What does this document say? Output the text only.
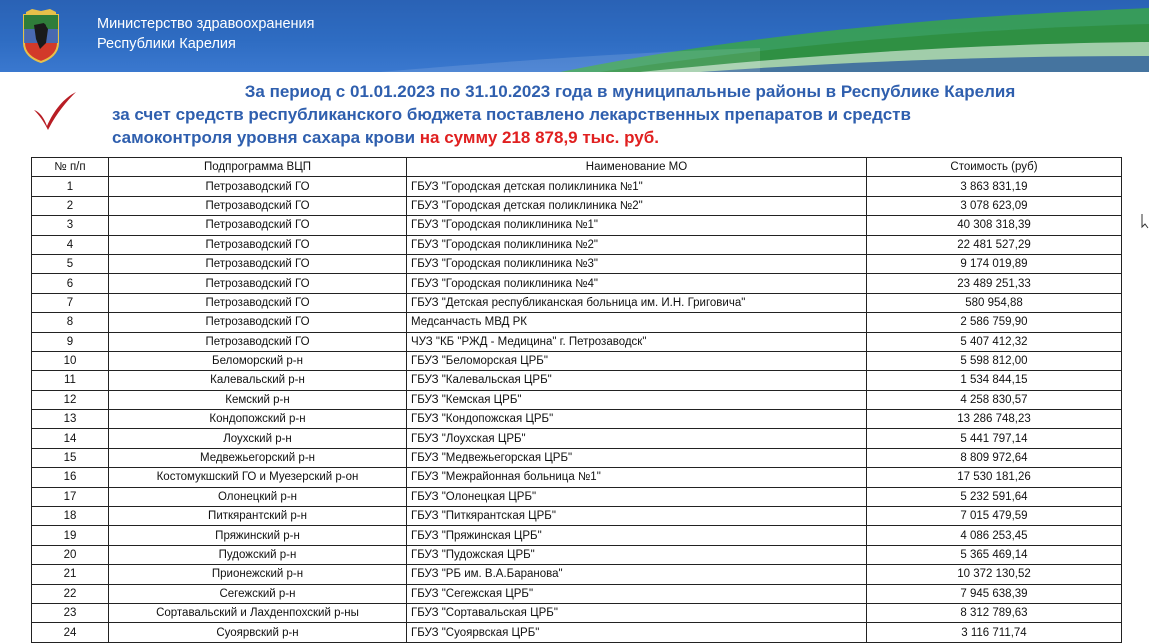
Министерство здравоохранения
Республики Карелия
За период с 01.01.2023 по 31.10.2023 года в муниципальные районы в Республике Карелия
за счет средств республиканского бюджета поставлено лекарственных препаратов и средств
самоконтроля уровня сахара крови на сумму 218 878,9 тыс. руб.
№ п/п	Подпрограмма ВЦП	Наименование МО	Стоимость (руб)
1	Петрозаводский ГО	ГБУЗ "Городская детская поликлиника №1"	3 863 831,19
2	Петрозаводский ГО	ГБУЗ "Городская детская поликлиника №2"	3 078 623,09
3	Петрозаводский ГО	ГБУЗ "Городская поликлиника №1"	40 308 318,39
4	Петрозаводский ГО	ГБУЗ "Городская поликлиника №2"	22 481 527,29
5	Петрозаводский ГО	ГБУЗ "Городская поликлиника №3"	9 174 019,89
6	Петрозаводский ГО	ГБУЗ "Городская поликлиника №4"	23 489 251,33
7	Петрозаводский ГО	ГБУЗ "Детская республиканская больница им. И.Н. Григовича"	580 954,88
8	Петрозаводский ГО	Медсанчасть МВД РК	2 586 759,90
9	Петрозаводский ГО	ЧУЗ "КБ "РЖД - Медицина" г. Петрозаводск"	5 407 412,32
10	Беломорский р-н	ГБУЗ "Беломорская ЦРБ"	5 598 812,00
11	Калевальский р-н	ГБУЗ "Калевальская ЦРБ"	1 534 844,15
12	Кемский р-н	ГБУЗ "Кемская ЦРБ"	4 258 830,57
13	Кондопожский р-н	ГБУЗ "Кондопожская ЦРБ"	13 286 748,23
14	Лоухский р-н	ГБУЗ "Лоухская ЦРБ"	5 441 797,14
15	Медвежьегорский р-н	ГБУЗ "Медвежьегорская ЦРБ"	8 809 972,64
16	Костомукшский ГО и Муезерский р-он	ГБУЗ "Межрайонная больница №1"	17 530 181,26
17	Олонецкий р-н	ГБУЗ "Олонецкая ЦРБ"	5 232 591,64
18	Питкярантский р-н	ГБУЗ "Питкярантская ЦРБ"	7 015 479,59
19	Пряжинский р-н	ГБУЗ "Пряжинская ЦРБ"	4 086 253,45
20	Пудожский р-н	ГБУЗ "Пудожская ЦРБ"	5 365 469,14
21	Прионежский р-н	ГБУЗ "РБ им. В.А.Баранова"	10 372 130,52
22	Сегежский р-н	ГБУЗ "Сегежская ЦРБ"	7 945 638,39
23	Сортавальский и Лахденпохский р-ны	ГБУЗ "Сортавальская ЦРБ"	8 312 789,63
24	Суоярвский р-н	ГБУЗ "Суоярвская ЦРБ"	3 116 711,74
